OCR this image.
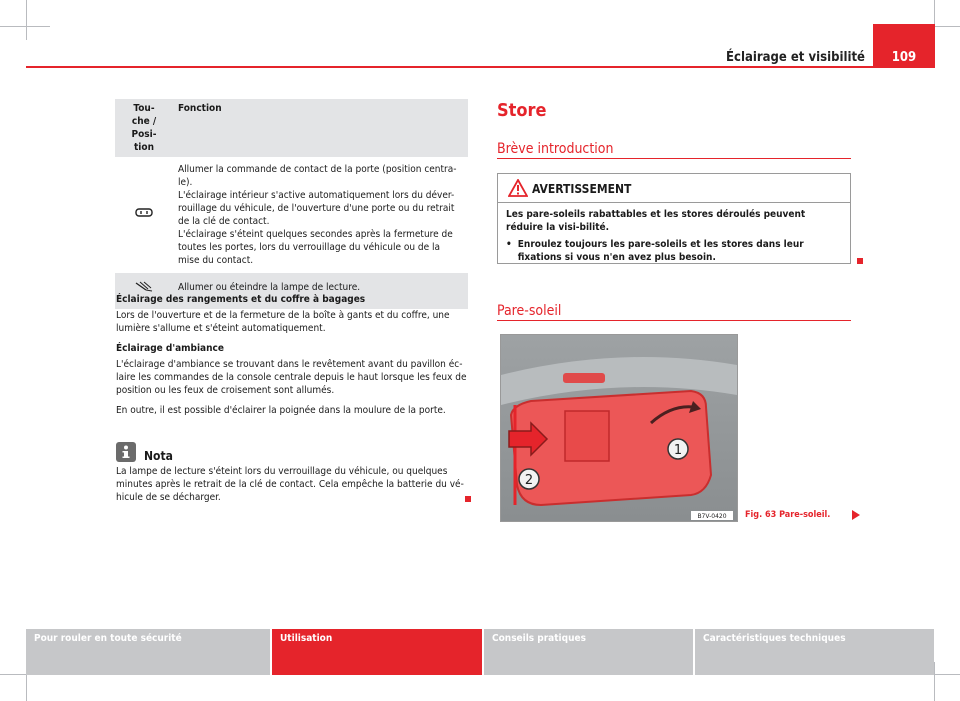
Éclairage et visibilité	109
Tou-
che / Posi-
tion	Fonction
	Allumer la commande de contact de la porte (position centra-le).
L'éclairage intérieur s'active automatiquement lors du déver-rouillage du véhicule, de l'ouverture d'une porte ou du retrait de la clé de contact.
L'éclairage s'éteint quelques secondes après la fermeture de toutes les portes, lors du verrouillage du véhicule ou de la mise du contact.
	Allumer ou éteindre la lampe de lecture.
Éclairage des rangements et du coffre à bagages

Lors de l'ouverture et de la fermeture de la boîte à gants et du coffre, une lumière s'allume et s'éteint automatiquement.

Éclairage d'ambiance

L'éclairage d'ambiance se trouvant dans le revêtement avant du pavillon éc-laire les commandes de la console centrale depuis le haut lorsque les feux de position ou les feux de croisement sont allumés.

En outre, il est possible d'éclairer la poignée dans la moulure de la porte.

Nota
La lampe de lecture s'éteint lors du verrouillage du véhicule, ou quelques minutes après le retrait de la clé de contact. Cela empêche la batterie du vé-hicule de se décharger.
Store
Brève introduction
AVERTISSEMENT

Les pare-soleils rabattables et les stores déroulés peuvent réduire la visi-bilité.

• Enroulez toujours les pare-soleils et les stores dans leur fixations si vous n'en avez plus besoin.
Pare-soleil
1
2
B7V-0420 Fig. 63 Pare-soleil.
Pour rouler en toute sécurité	Utilisation	Conseils pratiques	Caractéristiques techniques
